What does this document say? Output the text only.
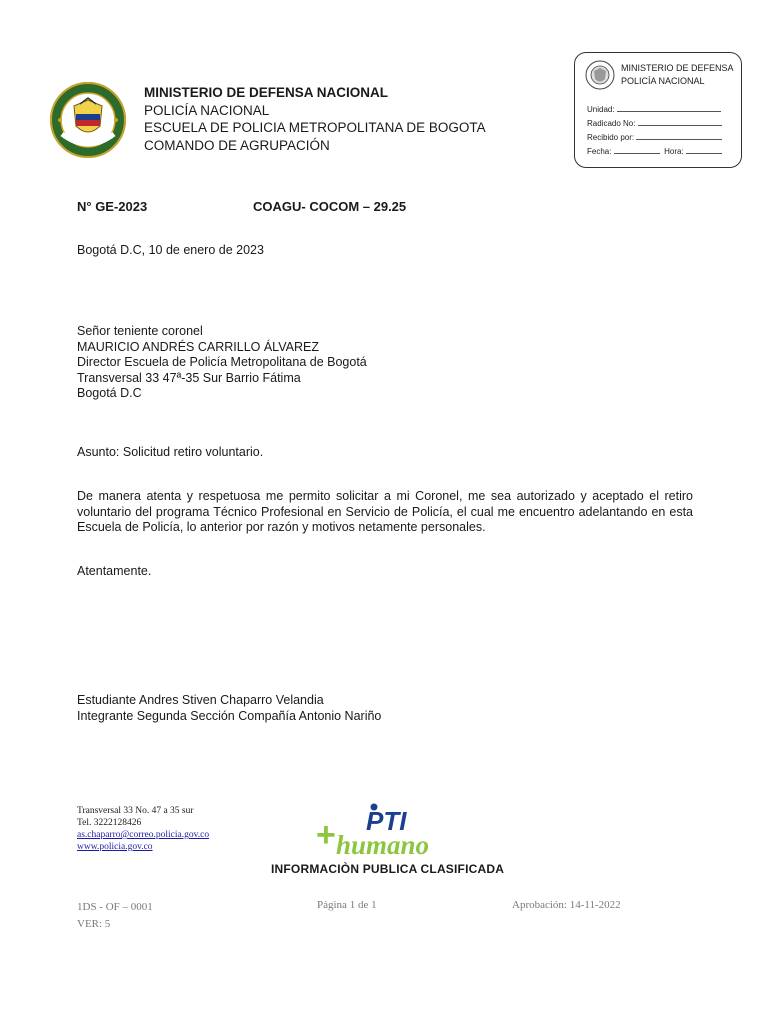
MINISTERIO DE DEFENSA NACIONAL
POLICÍA NACIONAL
ESCUELA DE POLICIA METROPOLITANA DE BOGOTA
COMANDO DE AGRUPACIÓN
MINISTERIO DE DEFENSA
POLICÍA NACIONAL
Unidad:
Radicado No:
Recibido por:
Fecha:	Hora:
N° GE-2023	COAGU- COCOM – 29.25
Bogotá D.C, 10 de enero de 2023
Señor teniente coronel
MAURICIO ANDRÉS CARRILLO ÁLVAREZ
Director Escuela de Policía Metropolitana de Bogotá
Transversal 33 47ª-35 Sur Barrio Fátima
Bogotá D.C
Asunto: Solicitud retiro voluntario.
De manera atenta y respetuosa me permito solicitar a mi Coronel, me sea autorizado y aceptado el retiro voluntario del programa Técnico Profesional en Servicio de Policía, el cual me encuentro adelantando en esta Escuela de Policía, lo anterior por razón y motivos netamente personales.
Atentamente.
Estudiante Andres Stiven Chaparro Velandia
Integrante Segunda Sección Compañía Antonio Nariño
Transversal 33 No. 47 a 35 sur
Tel. 3222128426
as.chaparro@correo.policia.gov.co
www.policia.gov.co	+ PTI
humano
INFORMACIÒN PUBLICA CLASIFICADA
1DS - OF – 0001
VER: 5
Página 1 de 1	Aprobación: 14-11-2022
